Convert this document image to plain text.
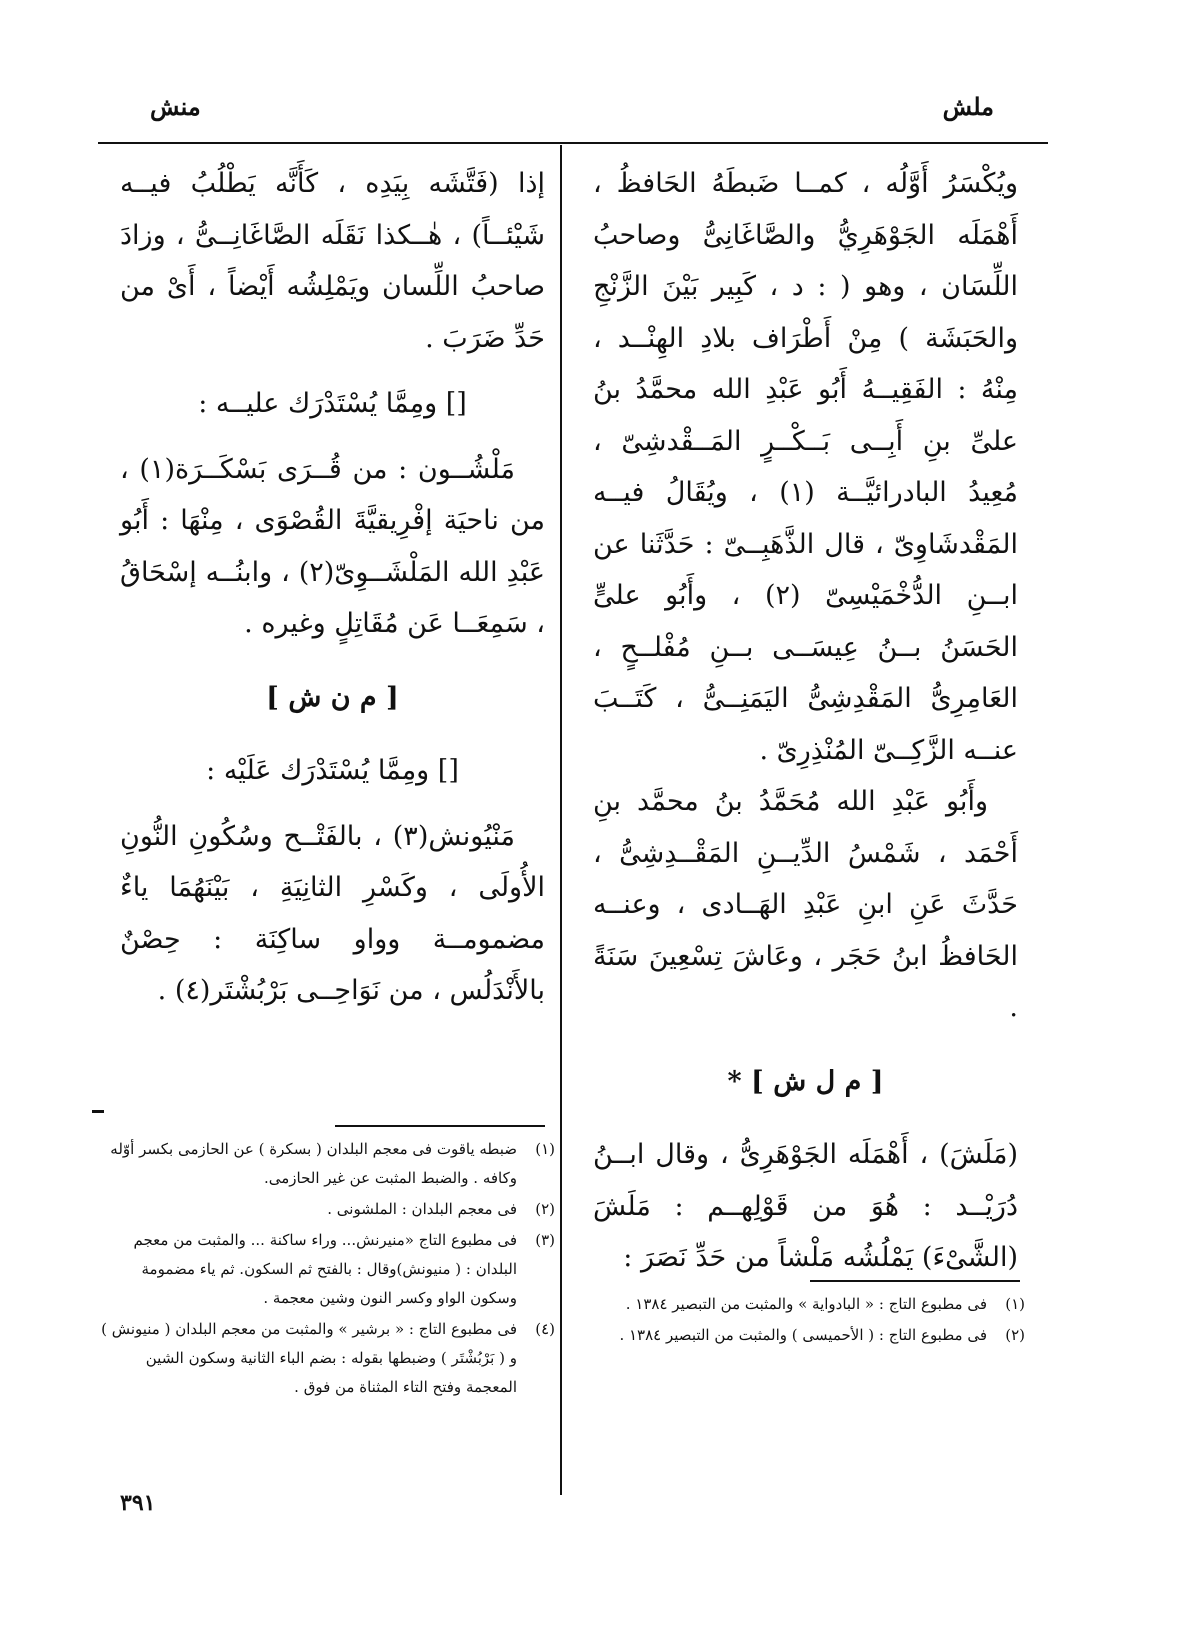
منش	ملش

ويُكْسَرُ أَوَّلُه ، كمــا ضَبطَهُ الحَافظُ ، أَهْمَلَه الجَوْهَرِيُّ والصَّاغَانِىُّ وصاحبُ اللِّسَان ، وهو ( : د ، كَبِير بَيْنَ الزَّنْجِ والحَبَشَة ) مِنْ أَطْرَاف بلادِ الهِنْــد ، مِنْهُ : الفَقِيــهُ أَبُو عَبْدِ الله محمَّدُ بنُ علىِّ بنِ أَبِــى بَــكْــرٍ المَــقْدشِىّ ، مُعِيدُ البادرائيَّــة (١) ، ويُقَالُ فيــه المَقْدشَاوِىّ ، قال الذَّهَبِــىّ : حَدَّثَنا عن ابــنِ الدُّخْمَيْسِىّ (٢) ، وأَبُو علىٍّ الحَسَنُ بــنُ عِيسَــى بــنِ مُفْلــحٍ ، العَامِرِىُّ المَقْدِشِىُّ اليَمَنِــىُّ ، كَتَــبَ عنــه الزَّكِــىّ المُنْذِرِىّ .

وأَبُو عَبْدِ الله مُحَمَّدُ بنُ محمَّد بنِ أَحْمَد ، شَمْسُ الدِّيــنِ المَقْــدِشِىُّ ، حَدَّثَ عَنِ ابنِ عَبْدِ الهَــادى ، وعنــه الحَافظُ ابنُ حَجَر ، وعَاشَ تِسْعِينَ سَنَةً .

[ م ل ش ] *

(مَلَشَ) ، أَهْمَلَه الجَوْهَرِىُّ ، وقال ابــنُ دُرَيْــد : هُوَ من قَوْلِهــم : مَلَشَ (الشَّىْءَ) يَمْلُشُه مَلْشاً من حَدِّ نَصَرَ :

إذا (فَتَّشَه بِيَدِه ، كَأَنَّه يَطْلُبُ فيــه شَيْئــاً) ، هٰــكذا نَقَلَه الصَّاغَانِــىُّ ، وزادَ صاحبُ اللِّسان ويَمْلِشُه أَيْضاً ، أَىْ من حَدِّ ضَرَبَ .

[] ومِمَّا يُسْتَدْرَك عليــه :

مَلْشُــون : من قُــرَى بَسْكَــرَة(١) ، من ناحيَة إفْرِيقيَّةَ القُصْوَى ، مِنْهَا : أَبُو عَبْدِ الله المَلْشَــوِىّ(٢) ، وابنُــه إسْحَاقُ ، سَمِعَــا عَن مُقَاتِلٍ وغيره .

[ م ن ش ]

[] ومِمَّا يُسْتَدْرَك عَلَيْه :

مَنْيُونش(٣) ، بالفَتْــح وسُكُونِ النُّونِ الأُولَى ، وكَسْرِ الثانِيَةِ ، بَيْنَهُمَا ياءٌ مضمومــة وواو ساكِنَة : حِصْنٌ بالأَنْدَلُس ، من نَوَاحِــى بَرْبُشْتَر(٤) .

(١)
ضبطه ياقوت فى معجم البلدان ( بسكرة ) عن الحازمى بكسر أوّله وكافه . والضبط المثبت عن غير الحازمى.
(٢)
فى معجم البلدان : الملشونى .
(٣)
فى مطبوع التاج «منيرنش... وراء ساكنة ... والمثبت من معجم البلدان : ( منيونش)وقال : بالفتح ثم السكون. ثم ياء مضمومة وسكون الواو وكسر النون وشين معجمة .
(٤)
فى مطبوع التاج : « برشير » والمثبت من معجم البلدان ( منيونش ) و ( بَرْبُشْتَر ) وضبطها بقوله : بضم الباء الثانية وسكون الشين المعجمة وفتح التاء المثناة من فوق .
(١)
فى مطبوع التاج : « البادواية » والمثبت من التبصير ١٣٨٤ .
(٢)
فى مطبوع التاج : ( الأحميسى ) والمثبت من التبصير ١٣٨٤ .
٣٩١
